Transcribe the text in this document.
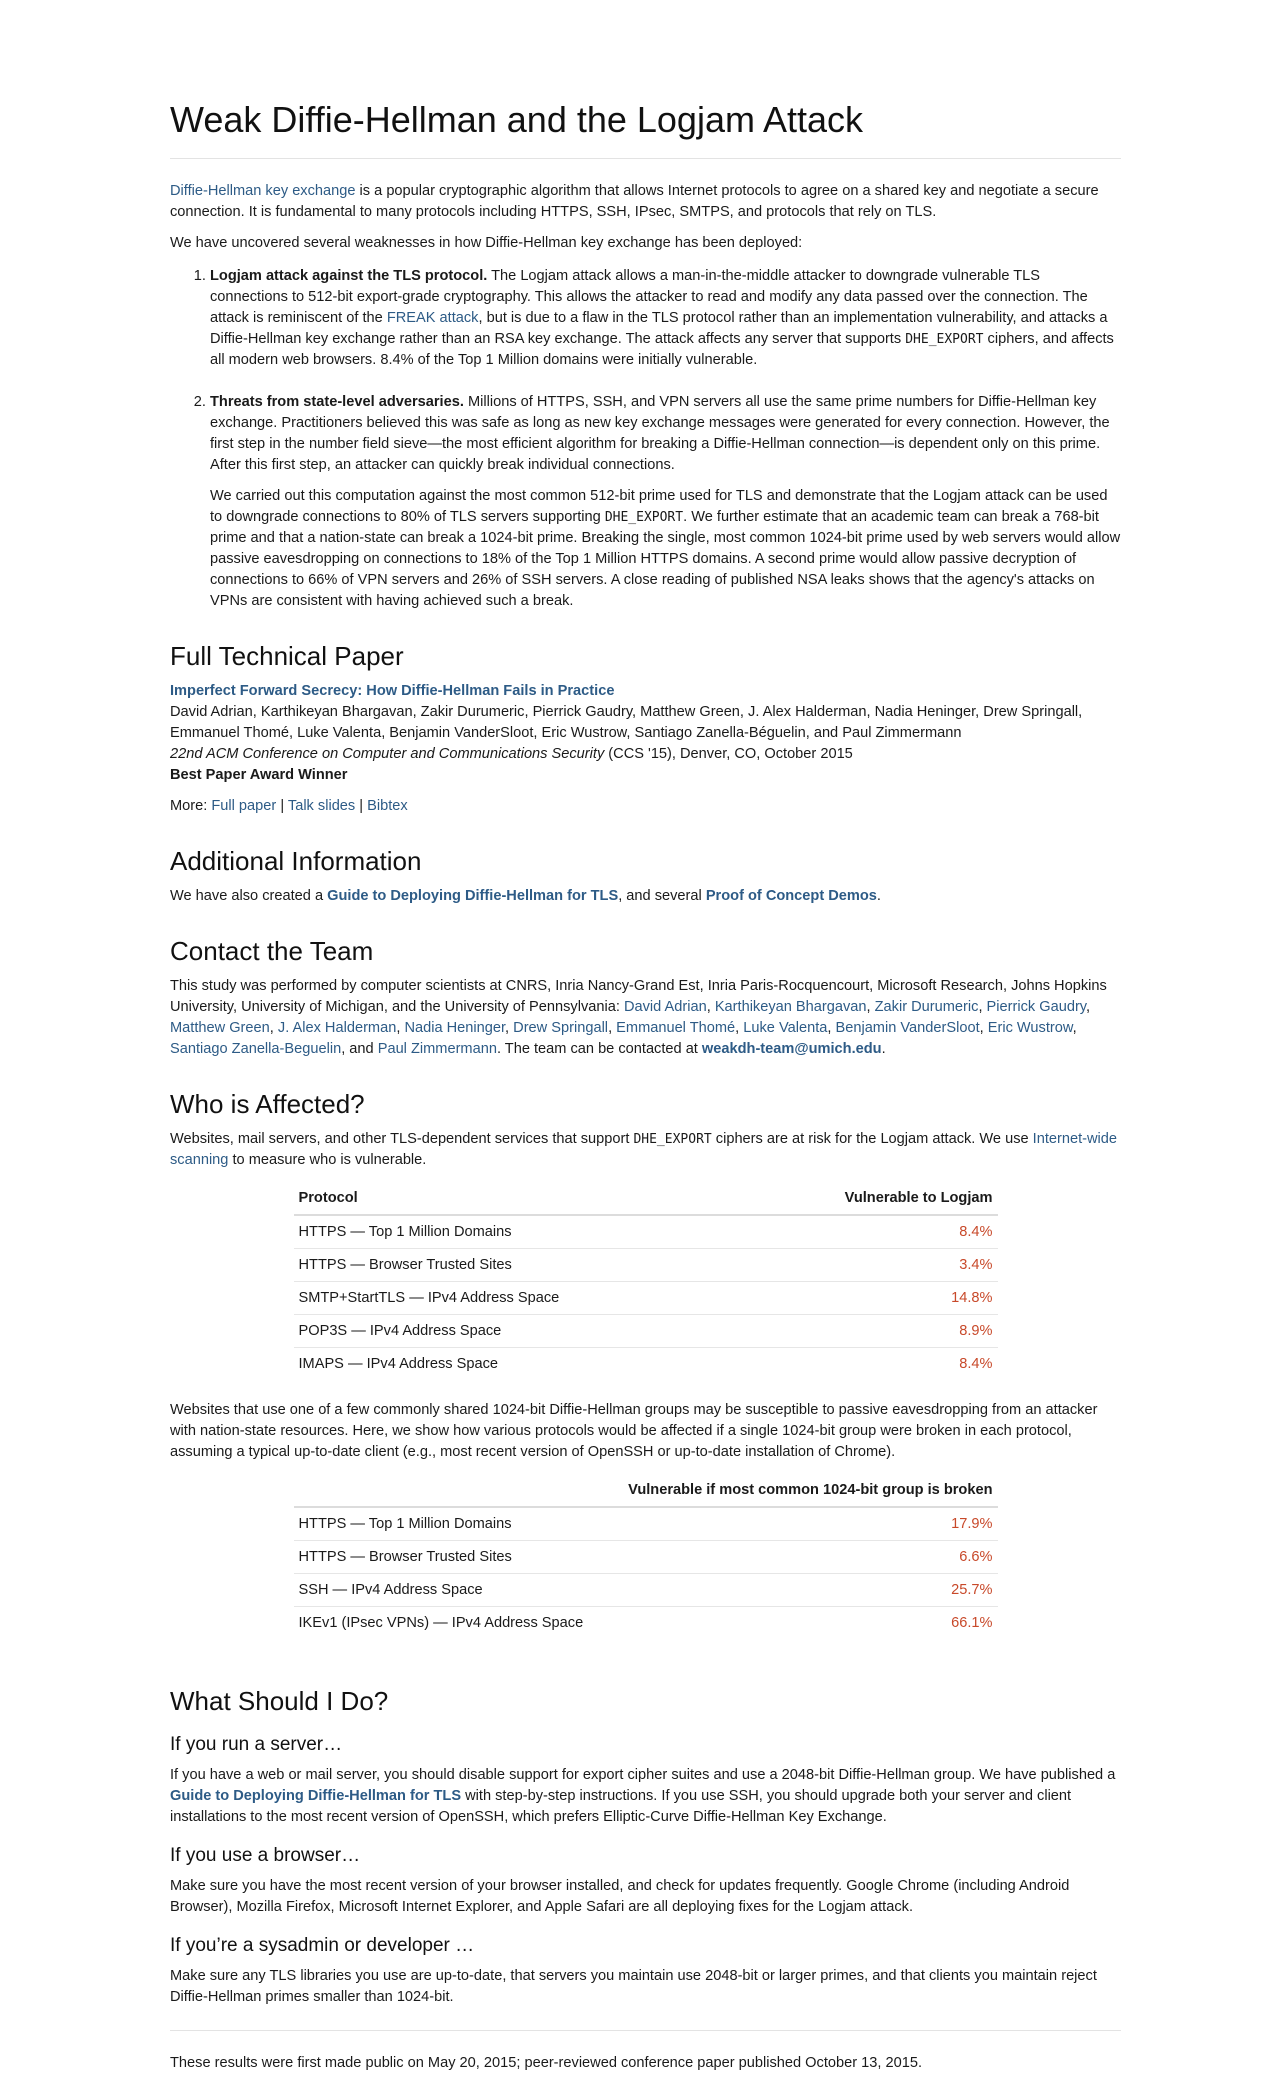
Weak Diffie-Hellman and the Logjam Attack

Diffie-Hellman key exchange is a popular cryptographic algorithm that allows Internet protocols to agree on a shared key and negotiate a secure connection. It is fundamental to many protocols including HTTPS, SSH, IPsec, SMTPS, and protocols that rely on TLS.

We have uncovered several weaknesses in how Diffie-Hellman key exchange has been deployed:

1. Logjam attack against the TLS protocol. The Logjam attack allows a man-in-the-middle attacker to downgrade vulnerable TLS connections to 512-bit export-grade cryptography. This allows the attacker to read and modify any data passed over the connection. The attack is reminiscent of the FREAK attack, but is due to a flaw in the TLS protocol rather than an implementation vulnerability, and attacks a Diffie-Hellman key exchange rather than an RSA key exchange. The attack affects any server that supports DHE_EXPORT ciphers, and affects all modern web browsers. 8.4% of the Top 1 Million domains were initially vulnerable.

2. Threats from state-level adversaries. Millions of HTTPS, SSH, and VPN servers all use the same prime numbers for Diffie-Hellman key exchange. Practitioners believed this was safe as long as new key exchange messages were generated for every connection. However, the first step in the number field sieve—the most efficient algorithm for breaking a Diffie-Hellman connection—is dependent only on this prime. After this first step, an attacker can quickly break individual connections.

We carried out this computation against the most common 512-bit prime used for TLS and demonstrate that the Logjam attack can be used to downgrade connections to 80% of TLS servers supporting DHE_EXPORT. We further estimate that an academic team can break a 768-bit prime and that a nation-state can break a 1024-bit prime. Breaking the single, most common 1024-bit prime used by web servers would allow passive eavesdropping on connections to 18% of the Top 1 Million HTTPS domains. A second prime would allow passive decryption of connections to 66% of VPN servers and 26% of SSH servers. A close reading of published NSA leaks shows that the agency's attacks on VPNs are consistent with having achieved such a break.

Full Technical Paper

Imperfect Forward Secrecy: How Diffie-Hellman Fails in Practice

David Adrian, Karthikeyan Bhargavan, Zakir Durumeric, Pierrick Gaudry, Matthew Green, J. Alex Halderman, Nadia Heninger, Drew Springall, Emmanuel Thomé, Luke Valenta, Benjamin VanderSloot, Eric Wustrow, Santiago Zanella-Béguelin, and Paul Zimmermann

22nd ACM Conference on Computer and Communications Security (CCS '15), Denver, CO, October 2015

Best Paper Award Winner

More: Full paper | Talk slides | Bibtex

Additional Information

We have also created a Guide to Deploying Diffie-Hellman for TLS, and several Proof of Concept Demos.

Contact the Team

This study was performed by computer scientists at CNRS, Inria Nancy-Grand Est, Inria Paris-Rocquencourt, Microsoft Research, Johns Hopkins University, University of Michigan, and the University of Pennsylvania: David Adrian, Karthikeyan Bhargavan, Zakir Durumeric, Pierrick Gaudry, Matthew Green, J. Alex Halderman, Nadia Heninger, Drew Springall, Emmanuel Thomé, Luke Valenta, Benjamin VanderSloot, Eric Wustrow, Santiago Zanella-Beguelin, and Paul Zimmermann. The team can be contacted at weakdh-team@umich.edu.

Who is Affected?

Websites, mail servers, and other TLS-dependent services that support DHE_EXPORT ciphers are at risk for the Logjam attack. We use Internet-wide scanning to measure who is vulnerable.

Protocol	Vulnerable to Logjam
HTTPS — Top 1 Million Domains	8.4%
HTTPS — Browser Trusted Sites	3.4%
SMTP+StartTLS — IPv4 Address Space	14.8%
POP3S — IPv4 Address Space	8.9%
IMAPS — IPv4 Address Space	8.4%

Websites that use one of a few commonly shared 1024-bit Diffie-Hellman groups may be susceptible to passive eavesdropping from an attacker with nation-state resources. Here, we show how various protocols would be affected if a single 1024-bit group were broken in each protocol, assuming a typical up-to-date client (e.g., most recent version of OpenSSH or up-to-date installation of Chrome).

	Vulnerable if most common 1024-bit group is broken
HTTPS — Top 1 Million Domains	17.9%
HTTPS — Browser Trusted Sites	6.6%
SSH — IPv4 Address Space	25.7%
IKEv1 (IPsec VPNs) — IPv4 Address Space	66.1%
What Should I Do?
If you run a server…

If you have a web or mail server, you should disable support for export cipher suites and use a 2048-bit Diffie-Hellman group. We have published a Guide to Deploying Diffie-Hellman for TLS with step-by-step instructions. If you use SSH, you should upgrade both your server and client installations to the most recent version of OpenSSH, which prefers Elliptic-Curve Diffie-Hellman Key Exchange.

If you use a browser…

Make sure you have the most recent version of your browser installed, and check for updates frequently. Google Chrome (including Android Browser), Mozilla Firefox, Microsoft Internet Explorer, and Apple Safari are all deploying fixes for the Logjam attack.

If you’re a sysadmin or developer …

Make sure any TLS libraries you use are up-to-date, that servers you maintain use 2048-bit or larger primes, and that clients you maintain reject Diffie-Hellman primes smaller than 1024-bit.

These results were first made public on May 20, 2015; peer-reviewed conference paper published October 13, 2015.
